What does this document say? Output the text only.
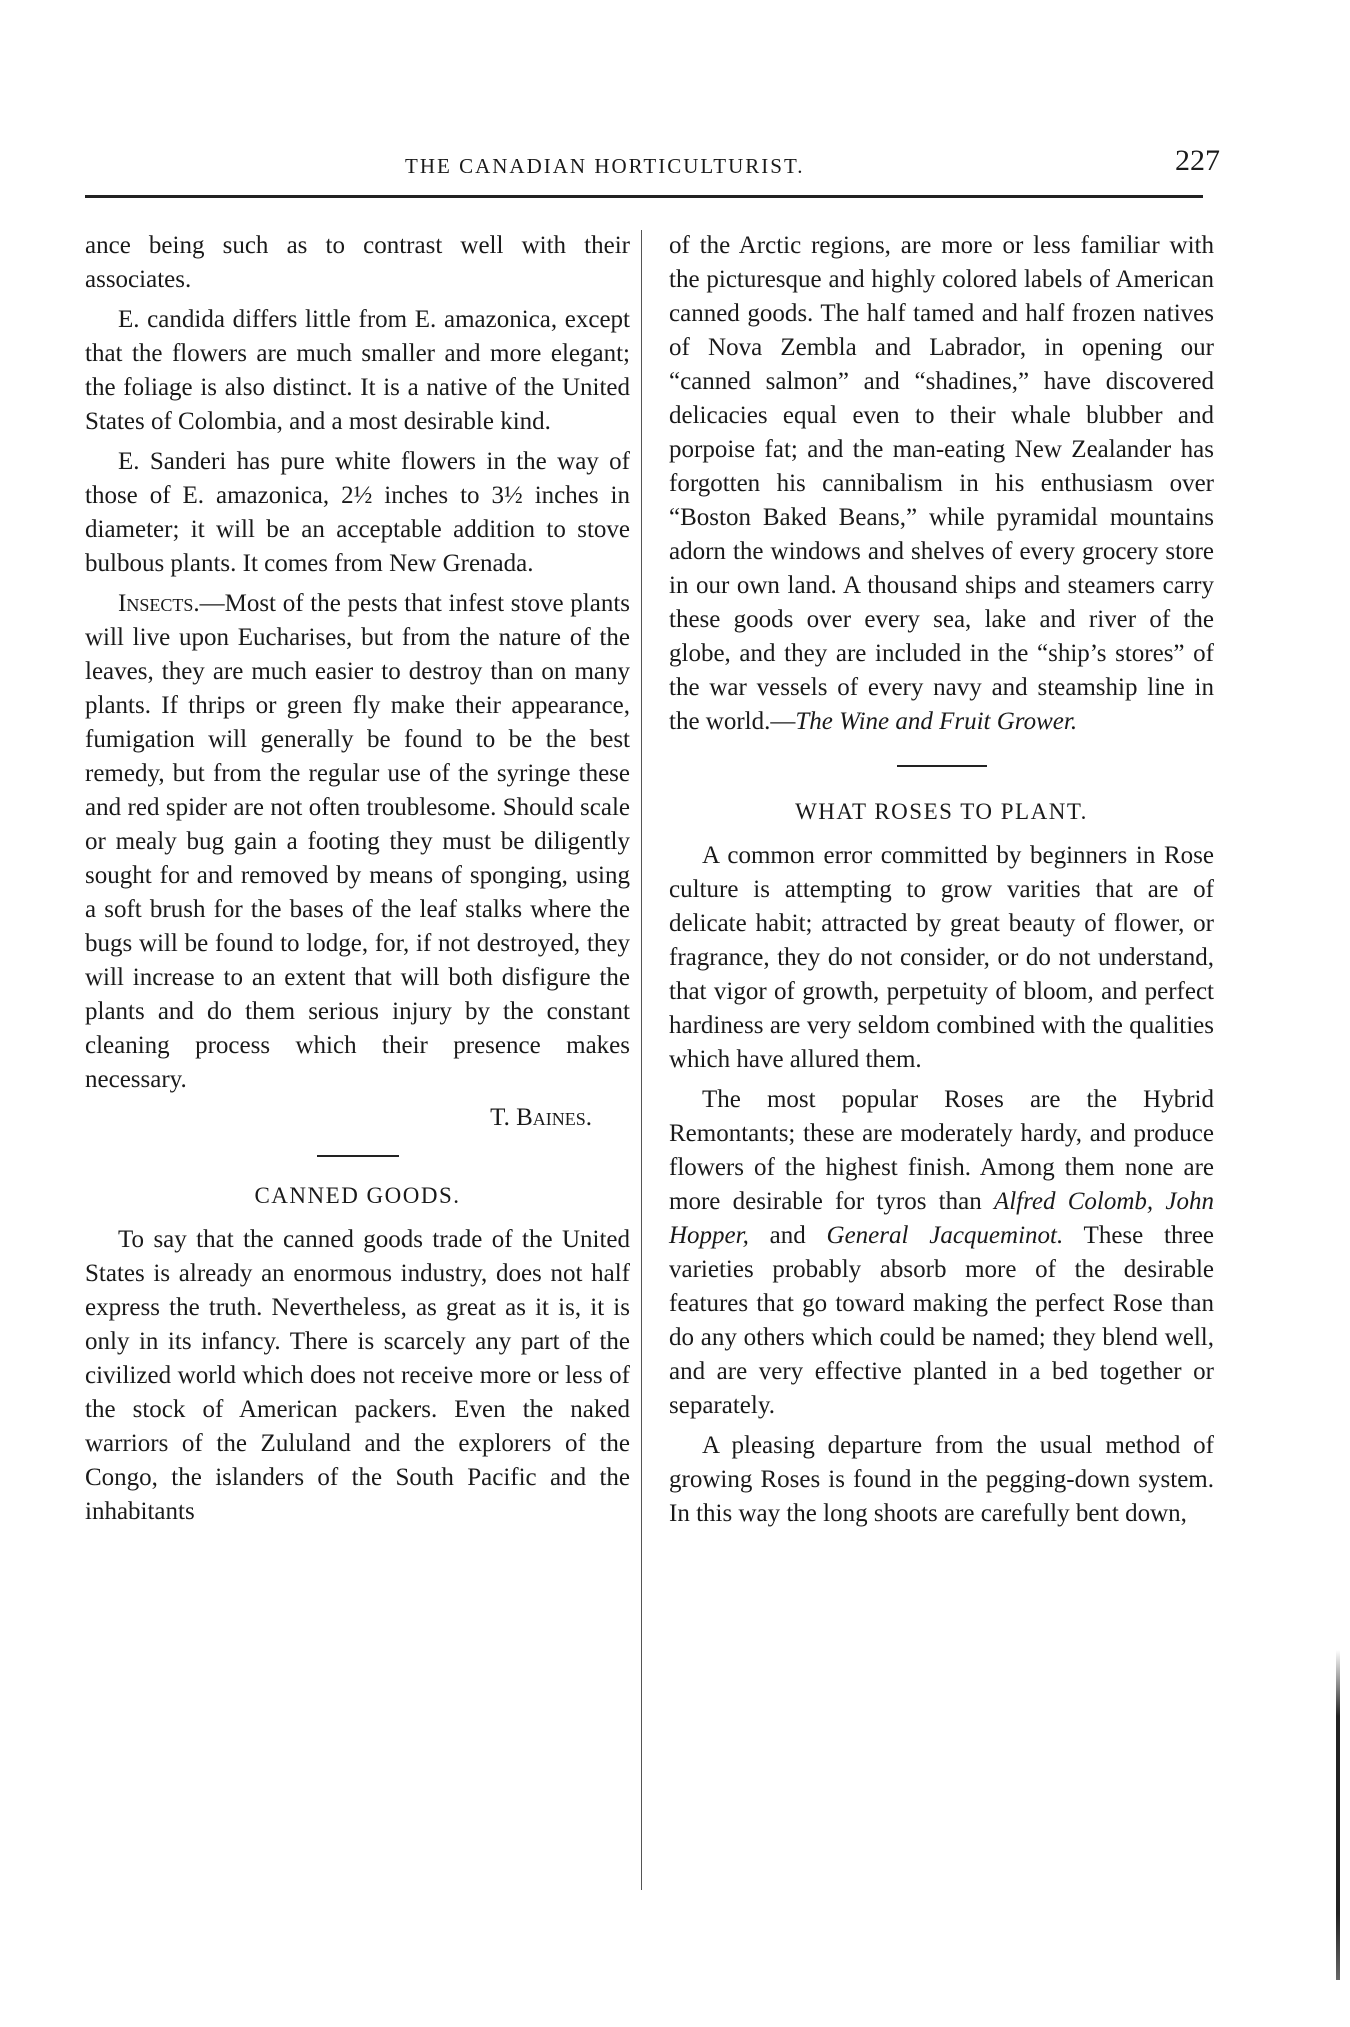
THE CANADIAN HORTICULTURIST.	227

ance being such as to contrast well with their associates.

E. candida differs little from E. amazonica, except that the flowers are much smaller and more elegant; the foliage is also distinct. It is a native of the United States of Colombia, and a most desirable kind.

E. Sanderi has pure white flowers in the way of those of E. amazonica, 2½ inches to 3½ inches in diameter; it will be an acceptable addition to stove bulbous plants. It comes from New Grenada.

Insects.—Most of the pests that infest stove plants will live upon Eucharises, but from the nature of the leaves, they are much easier to destroy than on many plants. If thrips or green fly make their appearance, fumigation will generally be found to be the best remedy, but from the regular use of the syringe these and red spider are not often troublesome. Should scale or mealy bug gain a footing they must be diligently sought for and removed by means of sponging, using a soft brush for the bases of the leaf stalks where the bugs will be found to lodge, for, if not destroyed, they will increase to an extent that will both disfigure the plants and do them serious injury by the constant cleaning process which their presence makes necessary.

T. Baines.
CANNED GOODS.

To say that the canned goods trade of the United States is already an enormous industry, does not half express the truth. Nevertheless, as great as it is, it is only in its infancy. There is scarcely any part of the civilized world which does not receive more or less of the stock of American packers. Even the naked warriors of the Zululand and the explorers of the Congo, the islanders of the South Pacific and the inhabitants

of the Arctic regions, are more or less familiar with the picturesque and highly colored labels of American canned goods. The half tamed and half frozen natives of Nova Zembla and Labrador, in opening our “canned salmon” and “shadines,” have discovered delicacies equal even to their whale blubber and porpoise fat; and the man-eating New Zealander has forgotten his cannibalism in his enthusiasm over “Boston Baked Beans,” while pyramidal mountains adorn the windows and shelves of every grocery store in our own land. A thousand ships and steamers carry these goods over every sea, lake and river of the globe, and they are included in the “ship’s stores” of the war vessels of every navy and steamship line in the world.—The Wine and Fruit Grower.

WHAT ROSES TO PLANT.

A common error committed by beginners in Rose culture is attempting to grow varities that are of delicate habit; attracted by great beauty of flower, or fragrance, they do not consider, or do not understand, that vigor of growth, perpetuity of bloom, and perfect hardiness are very seldom combined with the qualities which have allured them.

The most popular Roses are the Hybrid Remontants; these are moderately hardy, and produce flowers of the highest finish. Among them none are more desirable for tyros than Alfred Colomb, John Hopper, and General Jacqueminot. These three varieties probably absorb more of the desirable features that go toward making the perfect Rose than do any others which could be named; they blend well, and are very effective planted in a bed together or separately.

A pleasing departure from the usual method of growing Roses is found in the pegging-down system. In this way the long shoots are carefully bent down,
